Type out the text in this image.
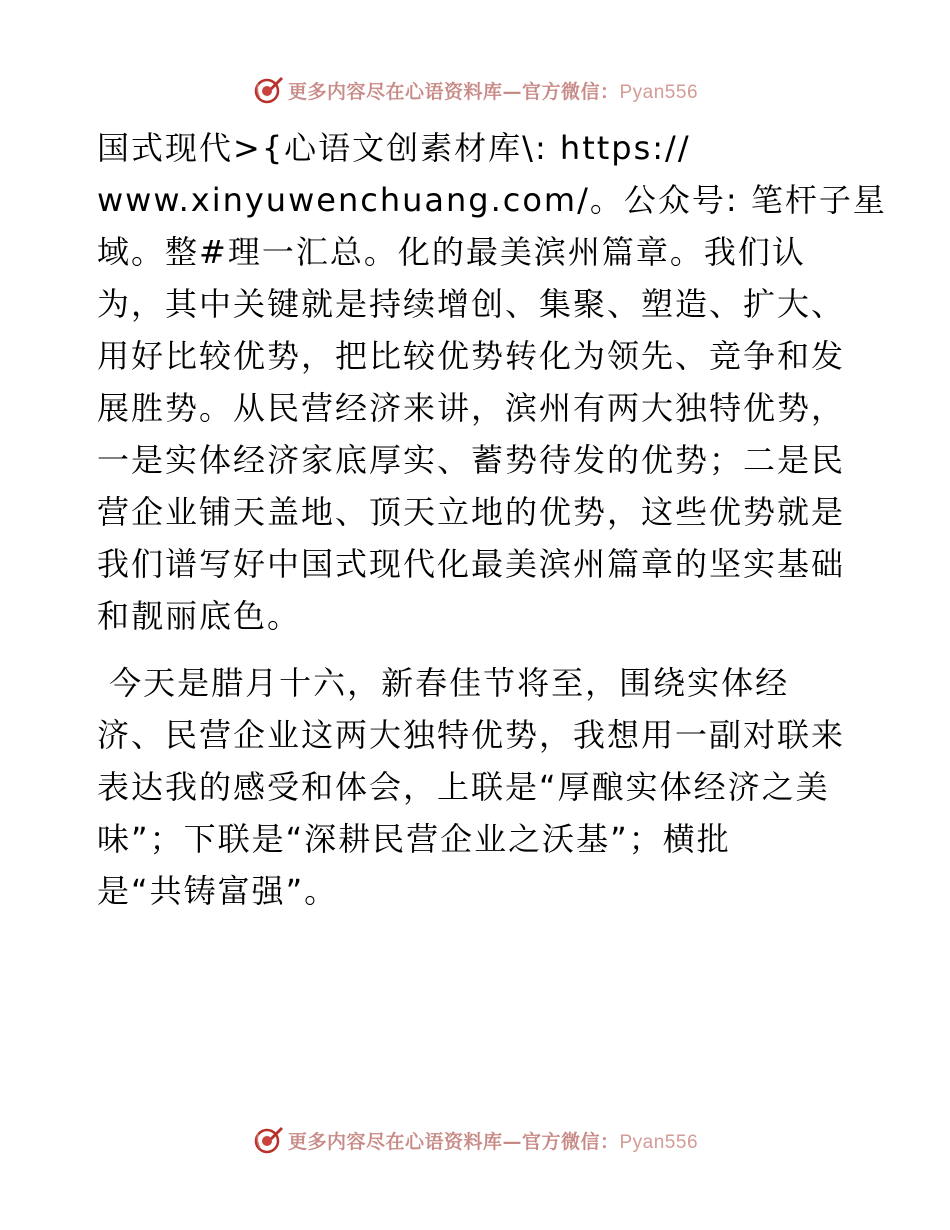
更多内容尽在心语资料库—官方微信：Pyan556

国式现代>{心语文创素材库\: https://
www.xinyuwenchuang.com/。公众号: 笔杆子星
域。整#理一汇总。化的最美滨州篇章。我们认
为，其中关键就是持续增创、集聚、塑造、扩大、
用好比较优势，把比较优势转化为领先、竞争和发
展胜势。从民营经济来讲，滨州有两大独特优势，
一是实体经济家底厚实、蓄势待发的优势；二是民
营企业铺天盖地、顶天立地的优势，这些优势就是
我们谱写好中国式现代化最美滨州篇章的坚实基础
和靓丽底色。

今天是腊月十六，新春佳节将至，围绕实体经
济、民营企业这两大独特优势，我想用一副对联来
表达我的感受和体会，上联是“厚酿实体经济之美
味”；下联是“深耕民营企业之沃基”；横批
是“共铸富强”。

更多内容尽在心语资料库—官方微信：Pyan556
